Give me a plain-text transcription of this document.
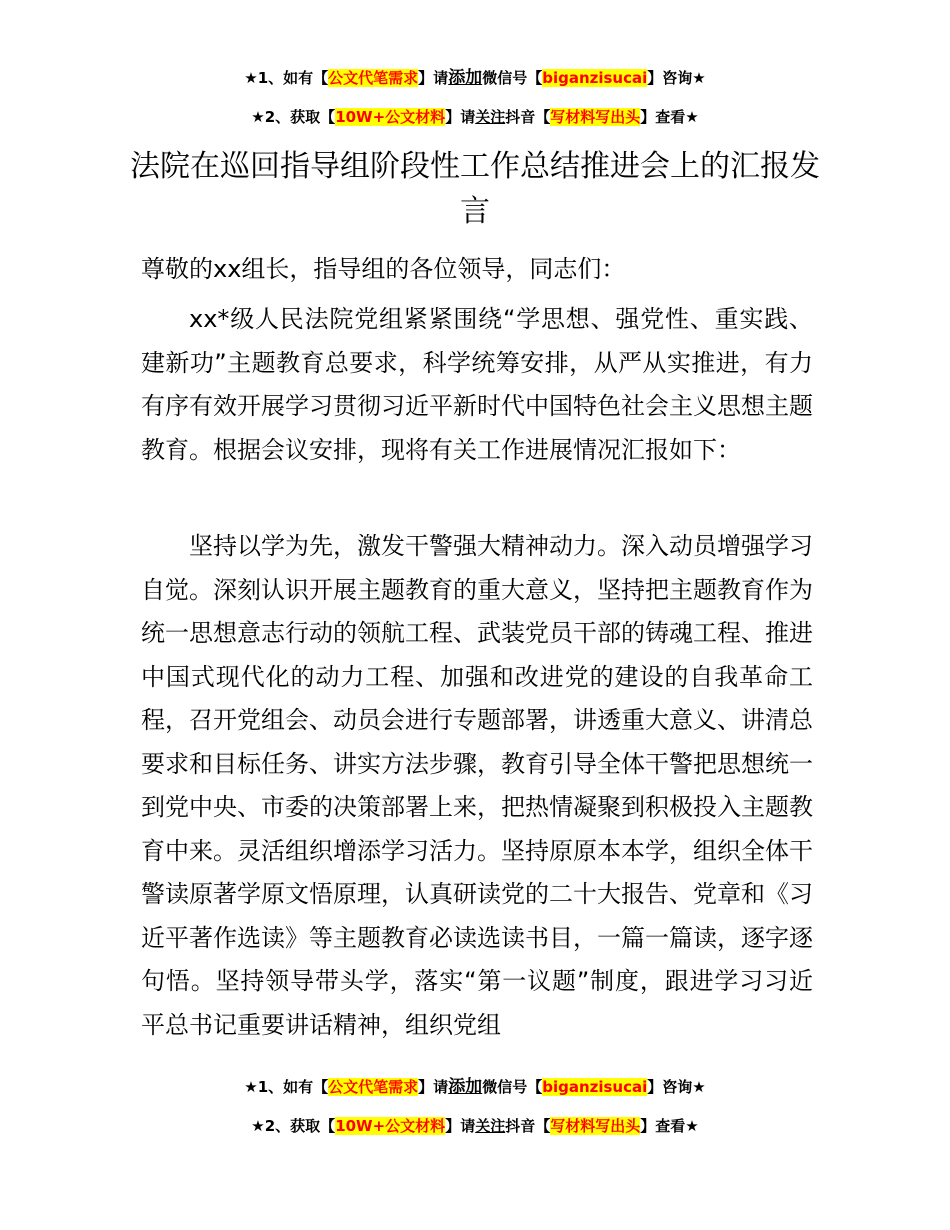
★1、如有【公文代笔需求】请添加微信号【biganzisucai】咨询★
★2、获取【10W+公文材料】请关注抖音【写材料写出头】查看★
法院在巡回指导组阶段性工作总结推进会上的汇报发言
尊敬的xx组长，指导组的各位领导，同志们：
xx*级人民法院党组紧紧围绕“学思想、强党性、重实践、建新功”主题教育总要求，科学统筹安排，从严从实推进，有力有序有效开展学习贯彻习近平新时代中国特色社会主义思想主题教育。根据会议安排，现将有关工作进展情况汇报如下：
坚持以学为先，激发干警强大精神动力。深入动员增强学习自觉。深刻认识开展主题教育的重大意义，坚持把主题教育作为统一思想意志行动的领航工程、武装党员干部的铸魂工程、推进中国式现代化的动力工程、加强和改进党的建设的自我革命工程，召开党组会、动员会进行专题部署，讲透重大意义、讲清总要求和目标任务、讲实方法步骤，教育引导全体干警把思想统一到党中央、市委的决策部署上来，把热情凝聚到积极投入主题教育中来。灵活组织增添学习活力。坚持原原本本学，组织全体干警读原著学原文悟原理，认真研读党的二十大报告、党章和《习近平著作选读》等主题教育必读选读书目，一篇一篇读，逐字逐句悟。坚持领导带头学，落实“第一议题”制度，跟进学习习近平总书记重要讲话精神，组织党组
★1、如有【公文代笔需求】请添加微信号【biganzisucai】咨询★
★2、获取【10W+公文材料】请关注抖音【写材料写出头】查看★
